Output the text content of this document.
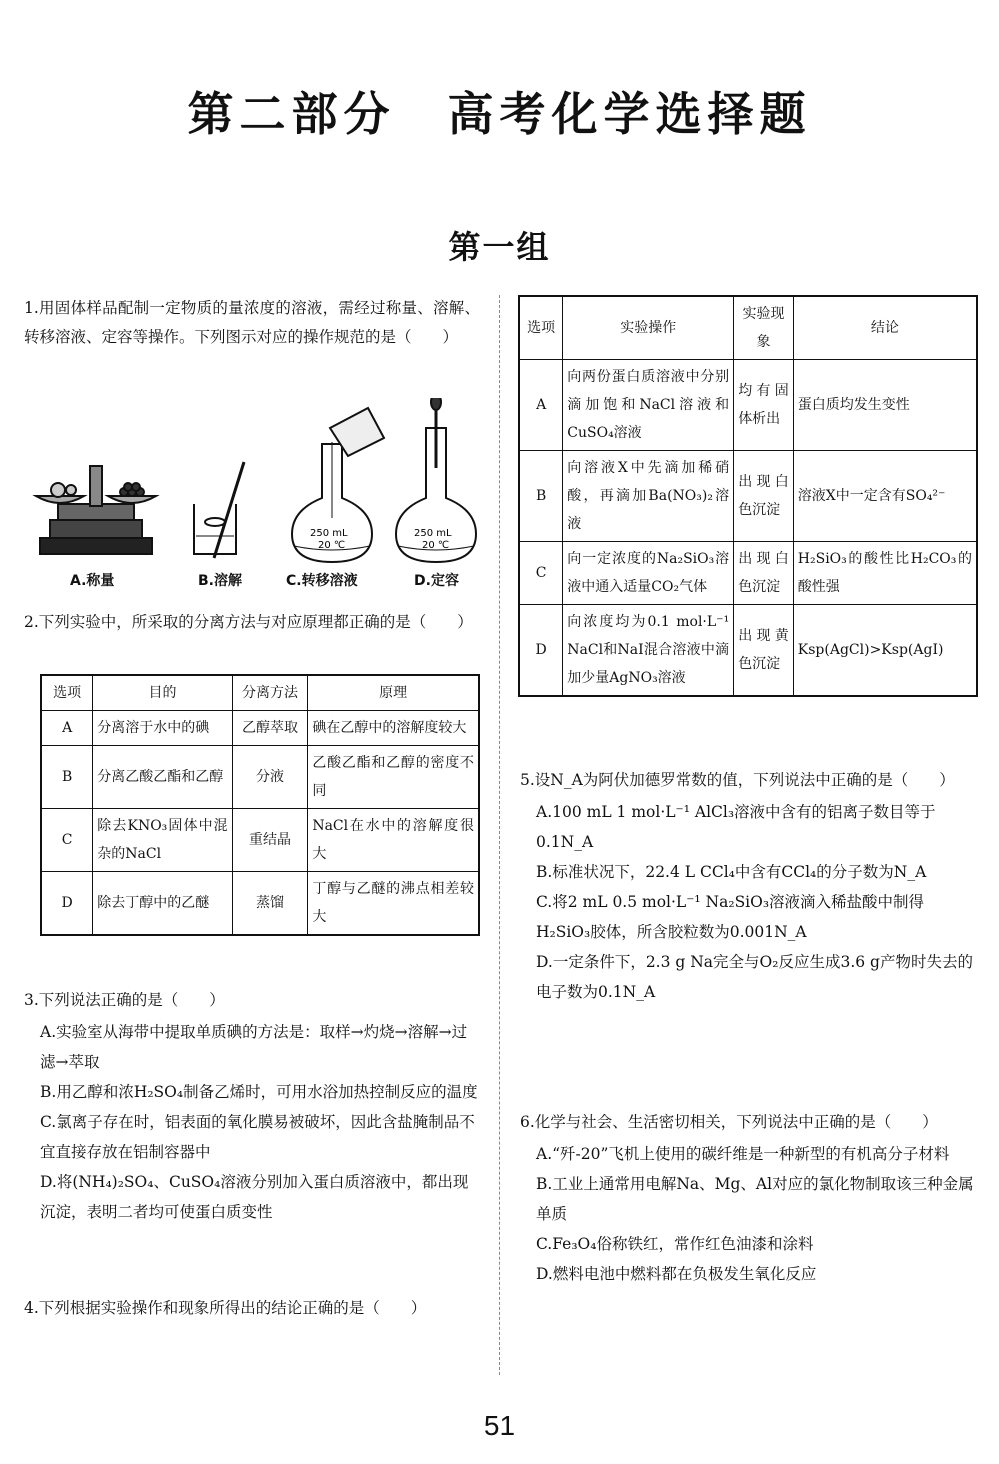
第二部分　高考化学选择题
第一组

1.用固体样品配制一定物质的量浓度的溶液，需经过称量、溶解、转移溶液、定容等操作。下列图示对应的操作规范的是（　　）

250 mL
20 ℃
250 mL
20 ℃
A.称量	B.溶解	C.转移溶液	D.定容

2.下列实验中，所采取的分离方法与对应原理都正确的是（　　）

选项	目的	分离方法	原理
A	分离溶于水中的碘	乙醇萃取	碘在乙醇中的溶解度较大
B	分离乙酸乙酯和乙醇	分液	乙酸乙酯和乙醇的密度不同
C	除去KNO₃固体中混杂的NaCl	重结晶	NaCl在水中的溶解度很大
D	除去丁醇中的乙醚	蒸馏	丁醇与乙醚的沸点相差较大

3.下列说法正确的是（　　）

A.实验室从海带中提取单质碘的方法是：取样→灼烧→溶解→过滤→萃取

B.用乙醇和浓H₂SO₄制备乙烯时，可用水浴加热控制反应的温度

C.氯离子存在时，铝表面的氧化膜易被破坏，因此含盐腌制品不宜直接存放在铝制容器中

D.将(NH₄)₂SO₄、CuSO₄溶液分别加入蛋白质溶液中，都出现沉淀，表明二者均可使蛋白质变性

4.下列根据实验操作和现象所得出的结论正确的是（　　）

选项	实验操作	实验现象	结论
A	向两份蛋白质溶液中分别滴加饱和NaCl溶液和CuSO₄溶液	均有固体析出	蛋白质均发生变性
B	向溶液X中先滴加稀硝酸，再滴加Ba(NO₃)₂溶液	出现白色沉淀	溶液X中一定含有SO₄²⁻
C	向一定浓度的Na₂SiO₃溶液中通入适量CO₂气体	出现白色沉淀	H₂SiO₃的酸性比H₂CO₃的酸性强
D	向浓度均为0.1 mol·L⁻¹ NaCl和NaI混合溶液中滴加少量AgNO₃溶液	出现黄色沉淀	Ksp(AgCl)>Ksp(AgI)

5.设N_A为阿伏加德罗常数的值，下列说法中正确的是（　　）

A.100 mL 1 mol·L⁻¹ AlCl₃溶液中含有的铝离子数目等于0.1N_A

B.标准状况下，22.4 L CCl₄中含有CCl₄的分子数为N_A

C.将2 mL 0.5 mol·L⁻¹ Na₂SiO₃溶液滴入稀盐酸中制得H₂SiO₃胶体，所含胶粒数为0.001N_A

D.一定条件下，2.3 g Na完全与O₂反应生成3.6 g产物时失去的电子数为0.1N_A

6.化学与社会、生活密切相关，下列说法中正确的是（　　）

A.“歼-20”飞机上使用的碳纤维是一种新型的有机高分子材料

B.工业上通常用电解Na、Mg、Al对应的氯化物制取该三种金属单质

C.Fe₃O₄俗称铁红，常作红色油漆和涂料

D.燃料电池中燃料都在负极发生氧化反应

51
